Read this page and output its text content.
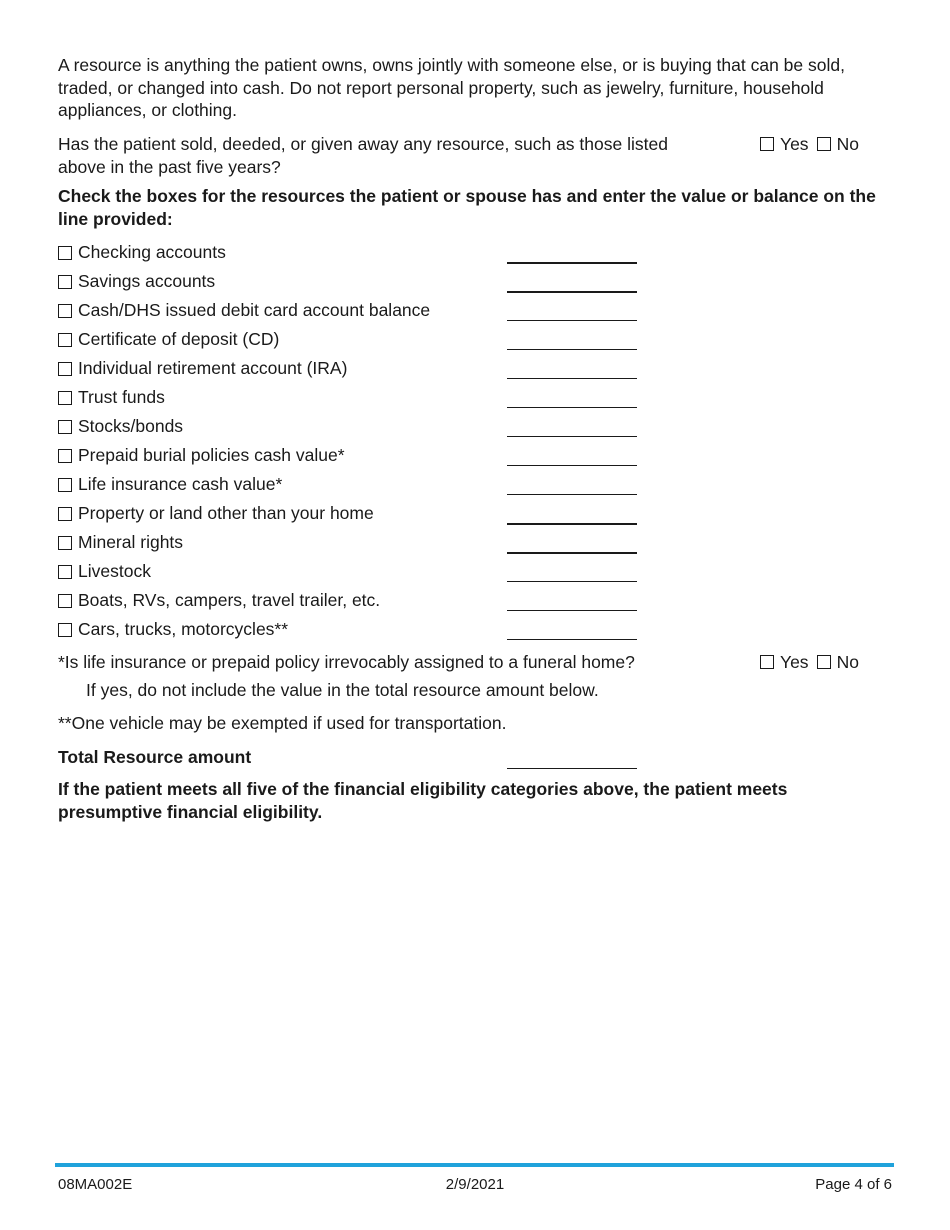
A resource is anything the patient owns, owns jointly with someone else, or is buying that can be sold, traded, or changed into cash. Do not report personal property, such as jewelry, furniture, household appliances, or clothing.

Has the patient sold, deeded, or given away any resource, such as those listed above in the past five years?
Yes No

Check the boxes for the resources the patient or spouse has and enter the value or balance on the line provided:

Checking accounts
Savings accounts
Cash/DHS issued debit card account balance
Certificate of deposit (CD)
Individual retirement account (IRA)
Trust funds
Stocks/bonds
Prepaid burial policies cash value*
Life insurance cash value*
Property or land other than your home
Mineral rights
Livestock
Boats, RVs, campers, travel trailer, etc.
Cars, trucks, motorcycles**
*Is life insurance or prepaid policy irrevocably assigned to a funeral home?	Yes No
If yes, do not include the value in the total resource amount below.
**One vehicle may be exempted if used for transportation.
Total Resource amount

If the patient meets all five of the financial eligibility categories above, the patient meets presumptive financial eligibility.

08MA002E	2/9/2021	Page 4 of 6
